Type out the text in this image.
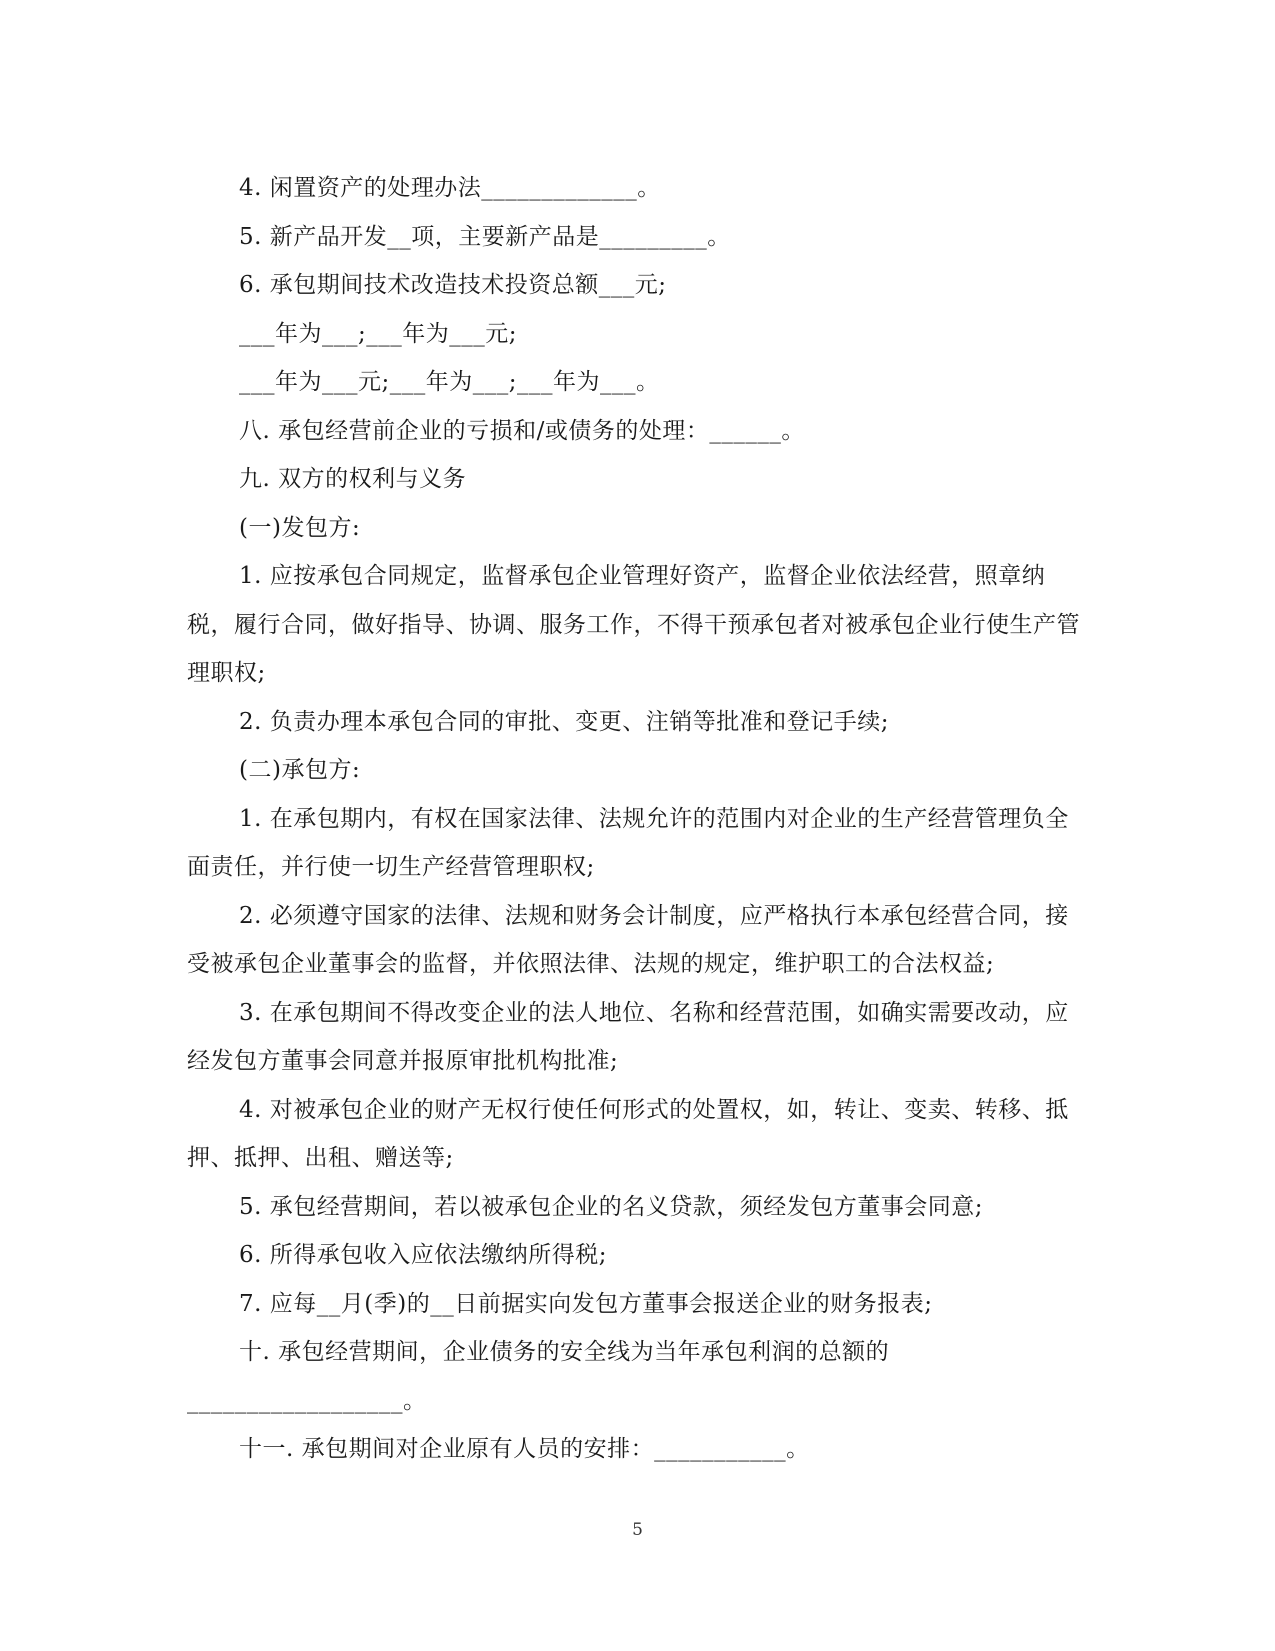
4. 闲置资产的处理办法_____________。

5. 新产品开发__项，主要新产品是_________。

6. 承包期间技术改造技术投资总额___元;

___年为___;___年为___元;

___年为___元;___年为___;___年为___。

八. 承包经营前企业的亏损和/或债务的处理：______。

九. 双方的权利与义务

(一)发包方:

1. 应按承包合同规定，监督承包企业管理好资产，监督企业依法经营，照章纳税，履行合同，做好指导、协调、服务工作，不得干预承包者对被承包企业行使生产管理职权;

2. 负责办理本承包合同的审批、变更、注销等批准和登记手续;

(二)承包方:

1. 在承包期内，有权在国家法律、法规允许的范围内对企业的生产经营管理负全面责任，并行使一切生产经营管理职权;

2. 必须遵守国家的法律、法规和财务会计制度，应严格执行本承包经营合同，接受被承包企业董事会的监督，并依照法律、法规的规定，维护职工的合法权益;

3. 在承包期间不得改变企业的法人地位、名称和经营范围，如确实需要改动，应经发包方董事会同意并报原审批机构批准;

4. 对被承包企业的财产无权行使任何形式的处置权，如，转让、变卖、转移、抵押、抵押、出租、赠送等;

5. 承包经营期间，若以被承包企业的名义贷款，须经发包方董事会同意;

6. 所得承包收入应依法缴纳所得税;

7. 应每__月(季)的__日前据实向发包方董事会报送企业的财务报表;

十. 承包经营期间，企业债务的安全线为当年承包利润的总额的

__________________。

十一. 承包期间对企业原有人员的安排：___________。

5
